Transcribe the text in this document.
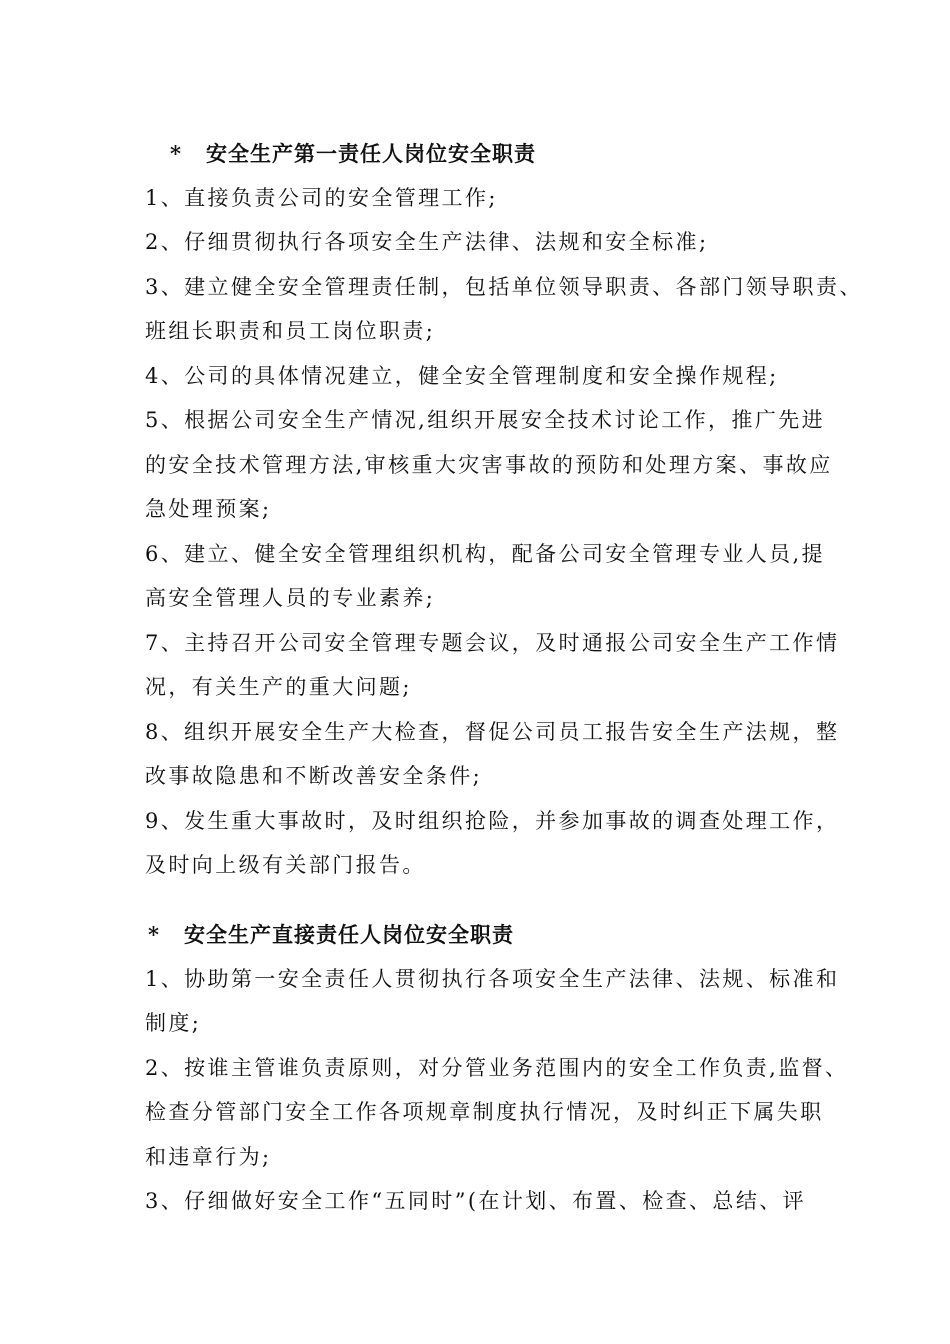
* 安全生产第一责任人岗位安全职责
1、直接负责公司的安全管理工作;
2、仔细贯彻执行各项安全生产法律、法规和安全标准;
3、建立健全安全管理责任制，包括单位领导职责、各部门领导职责、
班组长职责和员工岗位职责;
4、公司的具体情况建立，健全安全管理制度和安全操作规程;
5、根据公司安全生产情况,组织开展安全技术讨论工作，推广先进
的安全技术管理方法,审核重大灾害事故的预防和处理方案、事故应
急处理预案;
6、建立、健全安全管理组织机构，配备公司安全管理专业人员,提
高安全管理人员的专业素养;
7、主持召开公司安全管理专题会议，及时通报公司安全生产工作情
况，有关生产的重大问题;
8、组织开展安全生产大检查，督促公司员工报告安全生产法规，整
改事故隐患和不断改善安全条件;
9、发生重大事故时，及时组织抢险，并参加事故的调查处理工作，
及时向上级有关部门报告。
* 安全生产直接责任人岗位安全职责
1、协助第一安全责任人贯彻执行各项安全生产法律、法规、标准和
制度;
2、按谁主管谁负责原则，对分管业务范围内的安全工作负责,监督、
检查分管部门安全工作各项规章制度执行情况，及时纠正下属失职
和违章行为;
3、仔细做好安全工作“五同时”(在计划、布置、检查、总结、评
